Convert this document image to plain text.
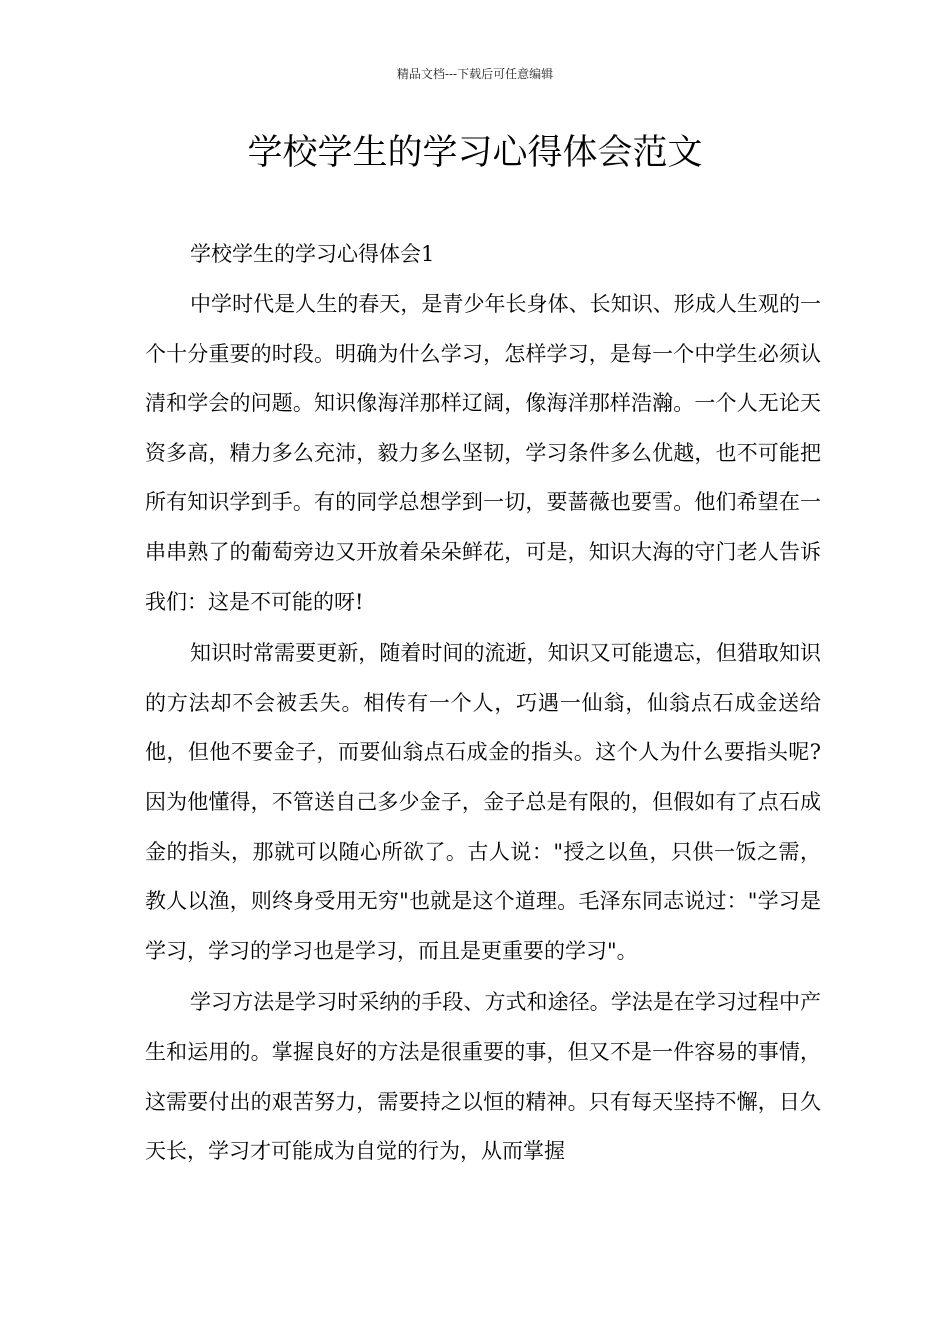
精品文档---下载后可任意编辑
学校学生的学习心得体会范文

学校学生的学习心得体会1

中学时代是人生的春天，是青少年长身体、长知识、形成人生观的一个十分重要的时段。明确为什么学习，怎样学习，是每一个中学生必须认清和学会的问题。知识像海洋那样辽阔，像海洋那样浩瀚。一个人无论天资多高，精力多么充沛，毅力多么坚韧，学习条件多么优越，也不可能把所有知识学到手。有的同学总想学到一切，要蔷薇也要雪。他们希望在一串串熟了的葡萄旁边又开放着朵朵鲜花，可是，知识大海的守门老人告诉我们：这是不可能的呀!

知识时常需要更新，随着时间的流逝，知识又可能遗忘，但猎取知识的方法却不会被丢失。相传有一个人，巧遇一仙翁，仙翁点石成金送给他，但他不要金子，而要仙翁点石成金的指头。这个人为什么要指头呢?因为他懂得，不管送自己多少金子，金子总是有限的，但假如有了点石成金的指头，那就可以随心所欲了。古人说："授之以鱼，只供一饭之需，教人以渔，则终身受用无穷"也就是这个道理。毛泽东同志说过："学习是学习，学习的学习也是学习，而且是更重要的学习"。

学习方法是学习时采纳的手段、方式和途径。学法是在学习过程中产生和运用的。掌握良好的方法是很重要的事，但又不是一件容易的事情，这需要付出的艰苦努力，需要持之以恒的精神。只有每天坚持不懈，日久天长，学习才可能成为自觉的行为，从而掌握
